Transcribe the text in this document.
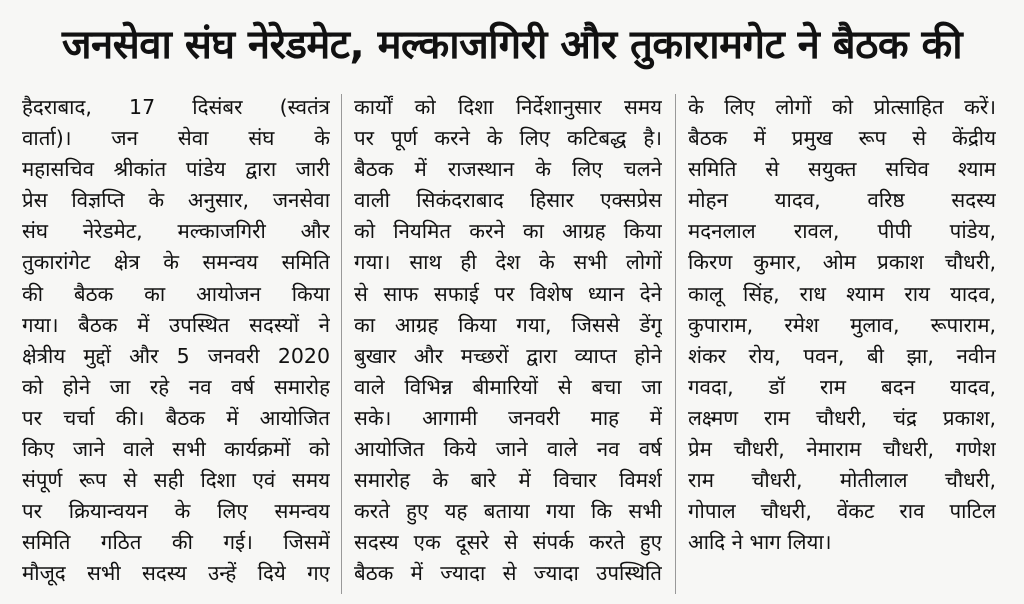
जनसेवा संघ नेरेडमेट, मल्काजगिरी और तुकारामगेट ने बैठक की
हैदराबाद, 17 दिसंबर (स्वतंत्र
वार्ता)। जन सेवा संघ के
महासचिव श्रीकांत पांडेय द्वारा जारी
प्रेस विज्ञप्ति के अनुसार, जनसेवा
संघ नेरेडमेट, मल्काजगिरी और
तुकारांगेट क्षेत्र के समन्वय समिति
की बैठक का आयोजन किया
गया। बैठक में उपस्थित सदस्यों ने
क्षेत्रीय मुद्दों और 5 जनवरी 2020
को होने जा रहे नव वर्ष समारोह
पर चर्चा की। बैठक में आयोजित
किए जाने वाले सभी कार्यक्रमों को
संपूर्ण रूप से सही दिशा एवं समय
पर क्रियान्वयन के लिए समन्वय
समिति गठित की गई। जिसमें
मौजूद सभी सदस्य उन्हें दिये गए
कार्यों को दिशा निर्देशानुसार समय
पर पूर्ण करने के लिए कटिबद्ध है।
बैठक में राजस्थान के लिए चलने
वाली सिकंदराबाद हिसार एक्सप्रेस
को नियमित करने का आग्रह किया
गया। साथ ही देश के सभी लोगों
से साफ सफाई पर विशेष ध्यान देने
का आग्रह किया गया, जिससे डेंगू
बुखार और मच्छरों द्वारा व्याप्त होने
वाले विभिन्न बीमारियों से बचा जा
सके। आगामी जनवरी माह में
आयोजित किये जाने वाले नव वर्ष
समारोह के बारे में विचार विमर्श
करते हुए यह बताया गया कि सभी
सदस्य एक दूसरे से संपर्क करते हुए
बैठक में ज्यादा से ज्यादा उपस्थिति
के लिए लोगों को प्रोत्साहित करें।
बैठक में प्रमुख रूप से केंद्रीय
समिति से सयुक्त सचिव श्याम
मोहन यादव, वरिष्ठ सदस्य
मदनलाल रावल, पीपी पांडेय,
किरण कुमार, ओम प्रकाश चौधरी,
कालू सिंह, राध श्याम राय यादव,
कुपाराम, रमेश मुलाव, रूपाराम,
शंकर रोय, पवन, बी झा, नवीन
गवदा, डॉ राम बदन यादव,
लक्ष्मण राम चौधरी, चंद्र प्रकाश,
प्रेम चौधरी, नेमाराम चौधरी, गणेश
राम चौधरी, मोतीलाल चौधरी,
गोपाल चौधरी, वेंकट राव पाटिल
आदि ने भाग लिया।
